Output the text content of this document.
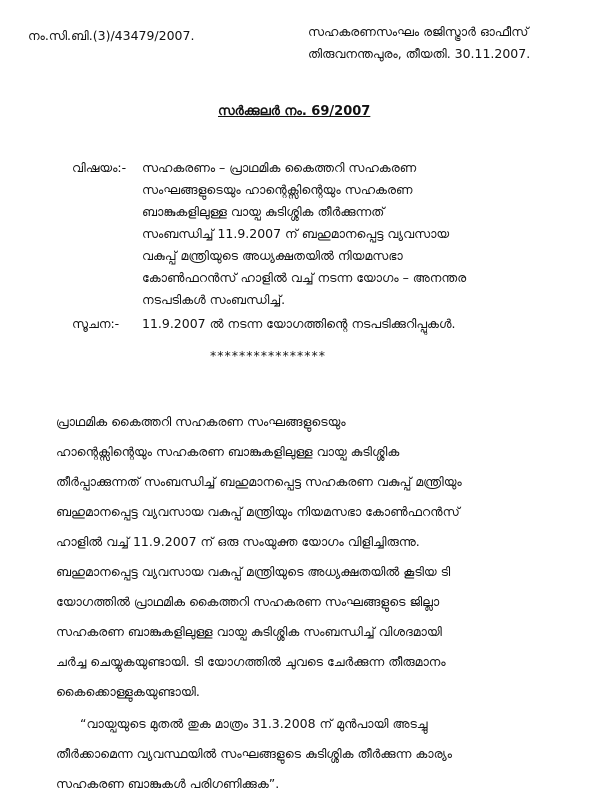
നം.സി.ബി.(3)/43479/2007.	സഹകരണസംഘം രജിസ്ട്രാർ ഓഫീസ്
തിരുവനന്തപുരം, തീയതി. 30.11.2007.
സർക്കുലർ നം. 69/2007
വിഷയം:- സഹകരണം – പ്രാഥമിക കൈത്തറി സഹകരണ
സംഘങ്ങളുടെയും ഹാന്റെക്സിന്റെയും സഹകരണ
ബാങ്കുകളിലുള്ള വായ്പ കുടിശ്ശിക തീർക്കുന്നത്
സംബന്ധിച്ച് 11.9.2007 ന് ബഹുമാനപ്പെട്ട വ്യവസായ
വകുപ്പ് മന്ത്രിയുടെ അധ്യക്ഷതയിൽ നിയമസഭാ
കോൺഫറൻസ് ഹാളിൽ വച്ച് നടന്ന യോഗം – അനന്തര
നടപടികൾ സംബന്ധിച്ച്.
സൂചന:- 11.9.2007 ൽ നടന്ന യോഗത്തിന്റെ നടപടിക്കുറിപ്പുകൾ.
****************
പ്രാഥമിക കൈത്തറി സഹകരണ സംഘങ്ങളുടെയും
ഹാന്റെക്സിന്റെയും സഹകരണ ബാങ്കുകളിലുള്ള വായ്പ കുടിശ്ശിക
തീർപ്പാക്കുന്നത് സംബന്ധിച്ച് ബഹുമാനപ്പെട്ട സഹകരണ വകുപ്പ് മന്ത്രിയും
ബഹുമാനപ്പെട്ട വ്യവസായ വകുപ്പ് മന്ത്രിയും നിയമസഭാ കോൺഫറൻസ്
ഹാളിൽ വച്ച് 11.9.2007 ന് ഒരു സംയുക്ത യോഗം വിളിച്ചിരുന്നു.
ബഹുമാനപ്പെട്ട വ്യവസായ വകുപ്പ് മന്ത്രിയുടെ അധ്യക്ഷതയിൽ കൂടിയ ടി
യോഗത്തിൽ പ്രാഥമിക കൈത്തറി സഹകരണ സംഘങ്ങളുടെ ജില്ലാ
സഹകരണ ബാങ്കുകളിലുള്ള വായ്പ കുടിശ്ശിക സംബന്ധിച്ച് വിശദമായി
ചർച്ച ചെയ്യുകയുണ്ടായി. ടി യോഗത്തിൽ ചുവടെ ചേർക്കുന്ന തീരുമാനം
കൈക്കൊള്ളുകയുണ്ടായി.
“വായ്പയുടെ മുതൽ തുക മാത്രം 31.3.2008 ന് മുൻപായി അടച്ചു
തീർക്കാമെന്ന വ്യവസ്ഥയിൽ സംഘങ്ങളുടെ കുടിശ്ശിക തീർക്കുന്ന കാര്യം
സഹകരണ ബാങ്കുകൾ പരിഗണിക്കുക”.
